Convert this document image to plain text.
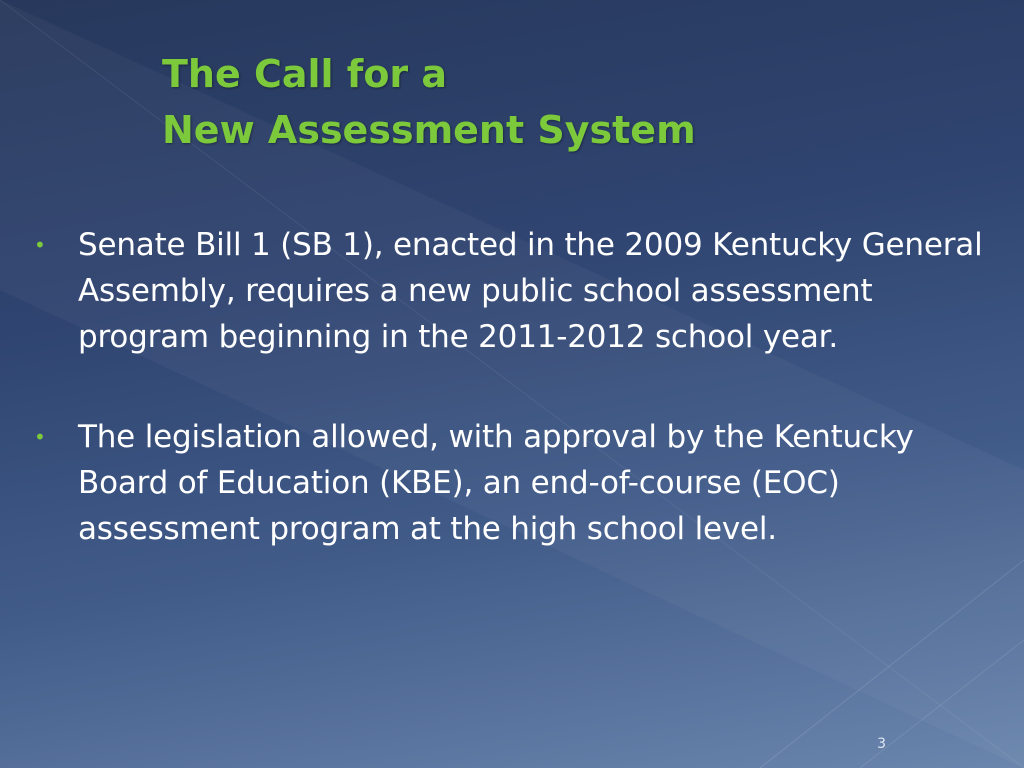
The Call for a
New Assessment System
• Senate Bill 1 (SB 1), enacted in the 2009 Kentucky General Assembly, requires a new public school assessment program beginning in the 2011-2012 school year.
• The legislation allowed, with approval by the Kentucky Board of Education (KBE), an end-of-course (EOC) assessment program at the high school level.
3
